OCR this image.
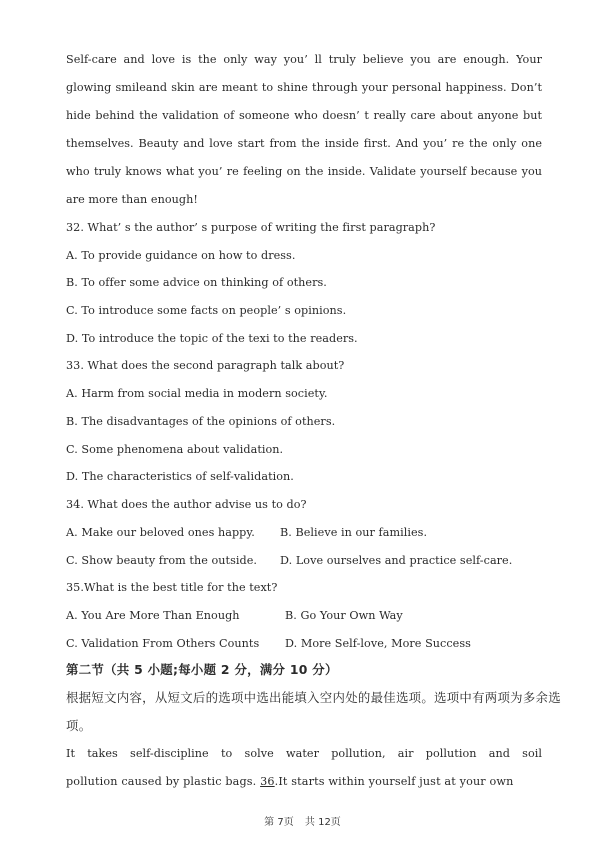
Self-care and love is the only way you’ ll truly believe you are enough. Your
glowing smileand skin are meant to shine through your personal happiness. Don’t
hide behind the validation of someone who doesn’ t really care about anyone but
themselves. Beauty and love start from the inside first. And you’ re the only one
who truly knows what you’ re feeling on the inside. Validate yourself because you
are more than enough!
32. What’ s the author’ s purpose of writing the first paragraph?
A. To provide guidance on how to dress.
B. To offer some advice on thinking of others.
C. To introduce some facts on people’ s opinions.
D. To introduce the topic of the texi to the readers.
33. What does the second paragraph talk about?
A. Harm from social media in modern society.
B. The disadvantages of the opinions of others.
C. Some phenomena about validation.
D. The characteristics of self-validation.
34. What does the author advise us to do?
A. Make our beloved ones happy. B. Believe in our families.
C. Show beauty from the outside. D. Love ourselves and practice self-care.
35.What is the best title for the text?
A. You Are More Than Enough	B. Go Your Own Way
C. Validation From Others Counts D. More Self-love, More Success
第二节（共 5 小题;每小题 2 分，满分 10 分）
根据短文内容，从短文后的选项中选出能填入空内处的最佳选项。选项中有两项为多余选
项。
It takes self-discipline to solve water pollution, air pollution and soil
pollution caused by plastic bags. 36.It starts within yourself just at your own
第 7页 共 12页
